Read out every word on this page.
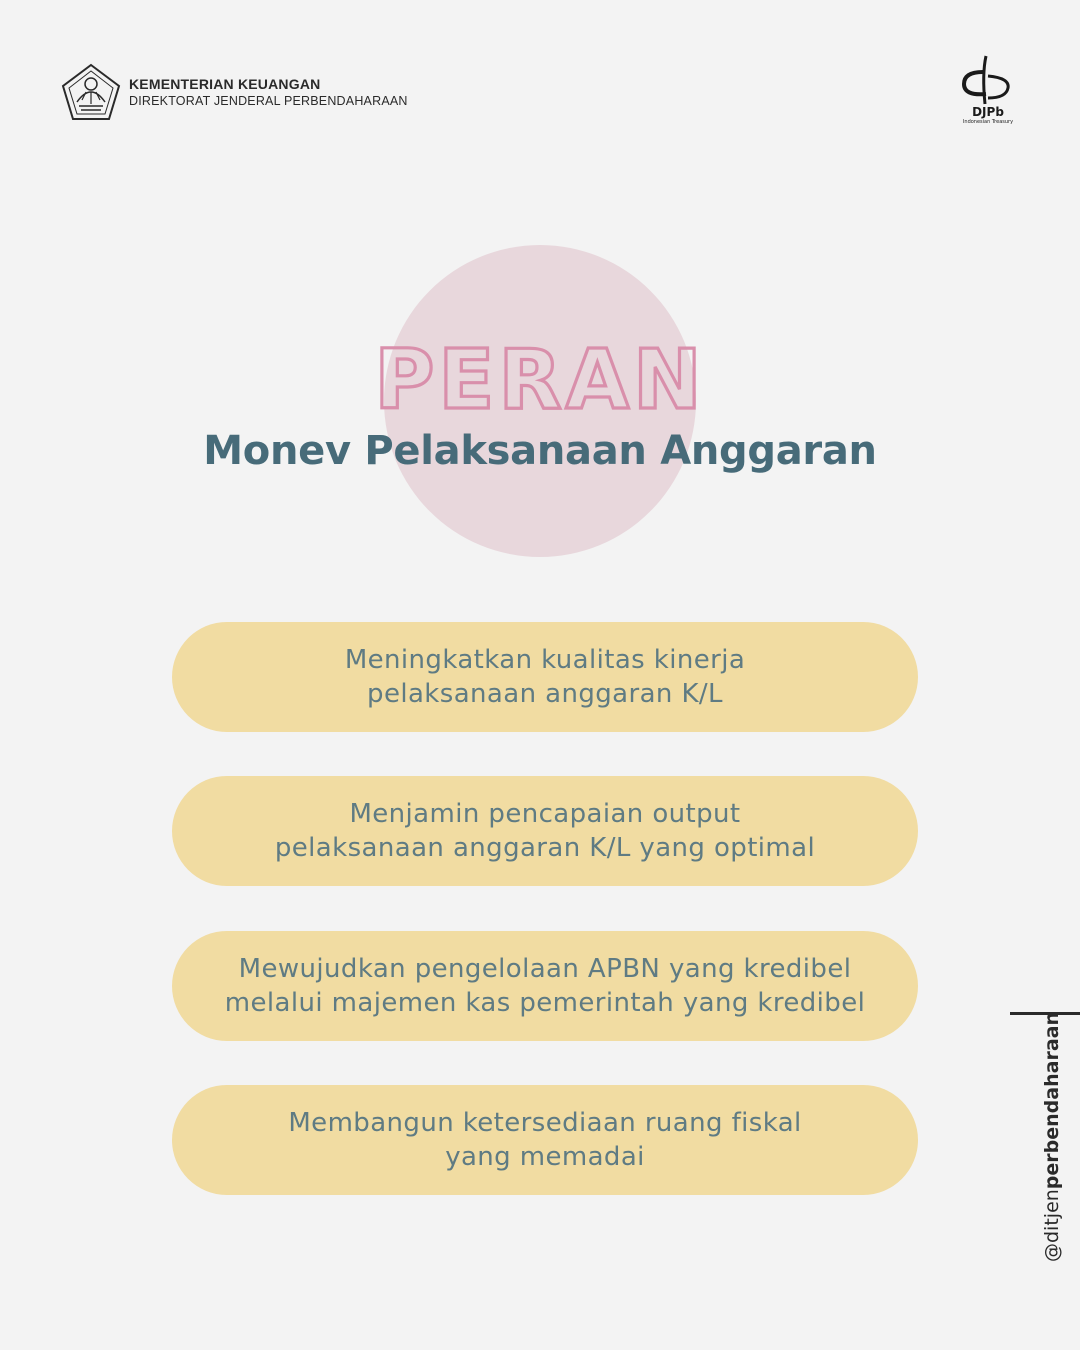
KEMENTERIAN KEUANGAN
DIREKTORAT JENDERAL PERBENDAHARAAN
DJPb
Indonesian Treasury
PERAN
Monev Pelaksanaan Anggaran
Meningkatkan kualitas kinerja
pelaksanaan anggaran K/L
Menjamin pencapaian output
pelaksanaan anggaran K/L yang optimal
Mewujudkan pengelolaan APBN yang kredibel
melalui majemen kas pemerintah yang kredibel
Membangun ketersediaan ruang fiskal
yang memadai
@ditjenperbendaharaan
